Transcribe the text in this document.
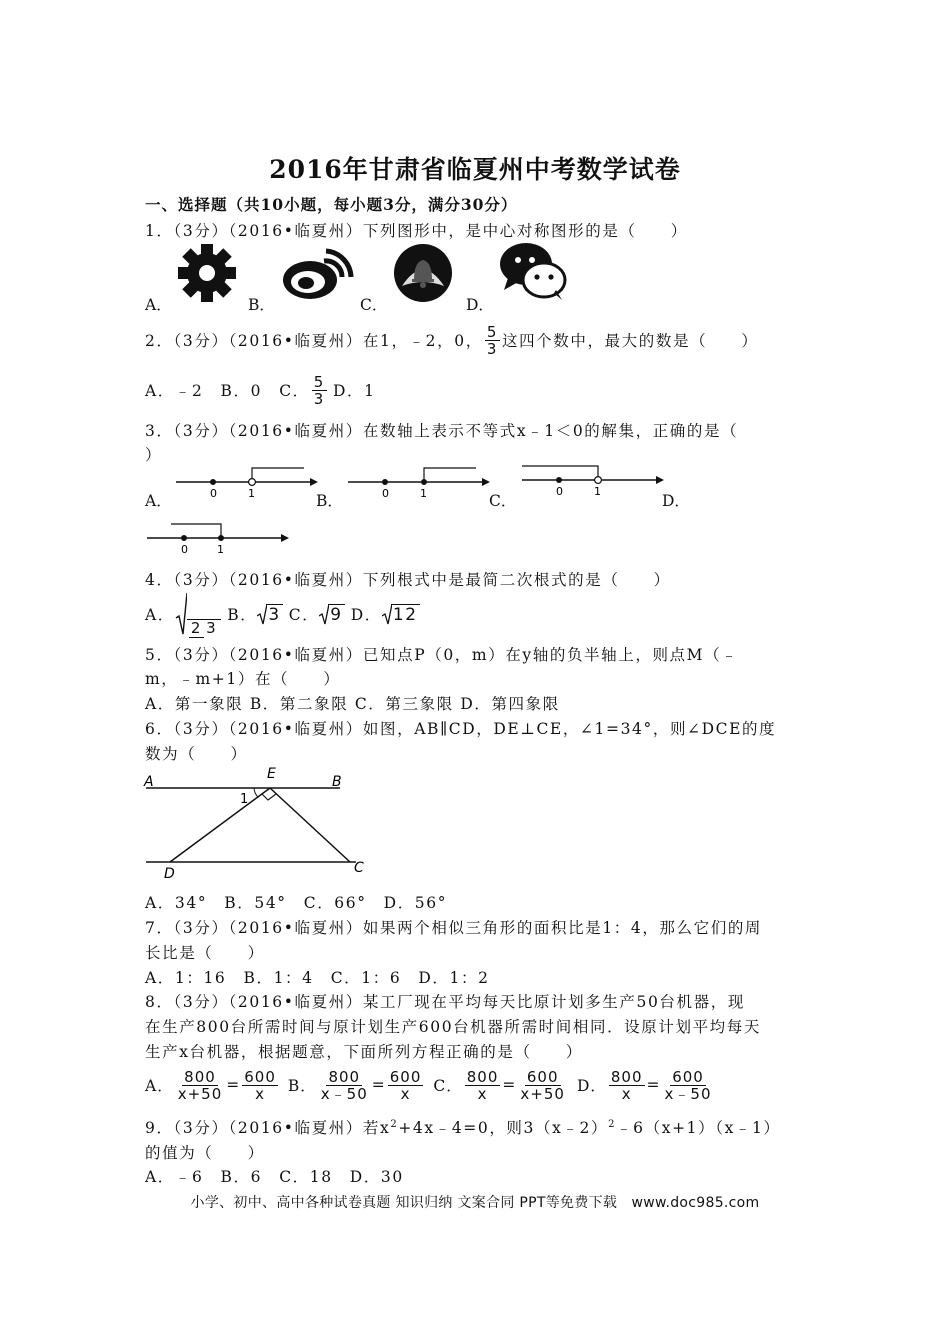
2016年甘肃省临夏州中考数学试卷
一、选择题（共10小题，每小题3分，满分30分）
1．（3分）（2016•临夏州）下列图形中，是中心对称图形的是（　　）
A．	B．	C．	D．
2．（3分）（2016•临夏州）在1，﹣2，0， $\frac{5}{3}$ 这四个数中，最大的数是（　　）
A．﹣2　B．0　C． $\frac{5}{3}$ D．1
3．（3分）（2016•临夏州）在数轴上表示不等式x﹣1＜0的解集，正确的是（
）
A．	0	1	B．	0	1	C．
0	1
D．
0	1
4．（3分）（2016•临夏州）下列根式中是最简二次根式的是（　　）
A．
2 3
B． 3 C． 9 D． 12
5．（3分）（2016•临夏州）已知点P（0，m）在y轴的负半轴上，则点M（﹣
m，﹣m+1）在（　　）
A．第一象限 B．第二象限 C．第三象限 D．第四象限
6．（3分）（2016•临夏州）如图，AB∥CD，DE⊥CE，∠1=34°，则∠DCE的度
数为（　　）
A	B
E
1
D	C
A．34°　B．54°　C．66°　D．56°
7．（3分）（2016•临夏州）如果两个相似三角形的面积比是1：4，那么它们的周
长比是（　　）
A．1：16　B．1：4　C．1：6　D．1：2
8．（3分）（2016•临夏州）某工厂现在平均每天比原计划多生产50台机器，现
在生产800台所需时间与原计划生产600台机器所需时间相同．设原计划平均每天
生产x台机器，根据题意，下面所列方程正确的是（　　）
A． $\frac{800}{x+50} = \frac{600}{x}$ B． $\frac{800}{x﹣50} = \frac{600}{x}$ C． $\frac{800}{x} = \frac{600}{x+50}$ D． $\frac{800}{x} = \frac{600}{x﹣50}$
9．（3分）（2016•临夏州）若$x^2+4x﹣4=0$，则3（x﹣2）$^2$﹣6（x+1）（x﹣1）
的值为（　　）
A．﹣6　B．6　C．18　D．30
小学、初中、高中各种试卷真题 知识归纳 文案合同 PPT等免费下载　www.doc985.com
